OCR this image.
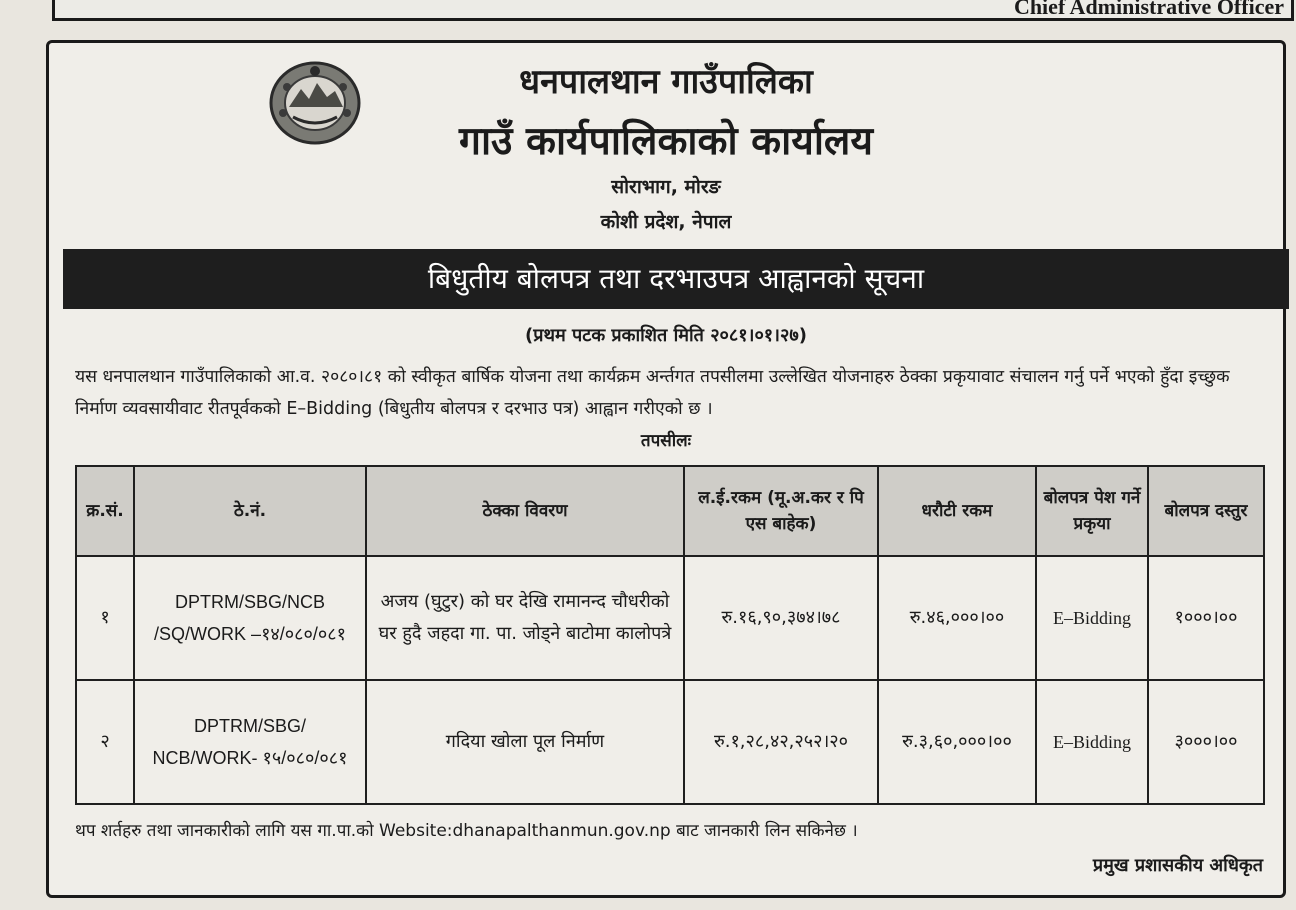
Chief Administrative Officer
धनपालथान गाउँपालिका
गाउँ कार्यपालिकाको कार्यालय
सोराभाग, मोरङ
कोशी प्रदेश, नेपाल
बिधुतीय बोलपत्र तथा दरभाउपत्र आह्वानको सूचना
(प्रथम पटक प्रकाशित मिति २०८१।०१।२७)
यस धनपालथान गाउँपालिकाको आ.व. २०८०।८१ को स्वीकृत बार्षिक योजना तथा कार्यक्रम अर्न्तगत तपसीलमा उल्लेखित योजनाहरु ठेक्का प्रकृयावाट संचालन गर्नु पर्ने भएको हुँदा इच्छुक निर्माण व्यवसायीवाट रीतपूर्वकको E–Bidding (बिधुतीय बोलपत्र र दरभाउ पत्र) आह्वान गरीएको छ ।
तपसीलः
क्र.सं.	ठे.नं.	ठेक्का विवरण	ल.ई.रकम (मू.अ.कर र पि एस बाहेक)	धरौटी रकम	बोलपत्र पेश गर्ने प्रकृया	बोलपत्र दस्तुर
१	DPTRM/SBG/NCB /SQ/WORK –१४/०८०/०८१	अजय (घुटुर) को घर देखि रामानन्द चौधरीको घर हुदै जहदा गा. पा. जोड्ने बाटोमा कालोपत्रे	रु.१६,९०,३७४।७८	रु.४६,०००।००	E–Bidding	१०००।००
२	DPTRM/SBG/ NCB/WORK- १५/०८०/०८१	गदिया खोला पूल निर्माण	रु.१,२८,४२,२५२।२०	रु.३,६०,०००।००	E–Bidding	३०००।००
थप शर्तहरु तथा जानकारीको लागि यस गा.पा.को Website:dhanapalthanmun.gov.np बाट जानकारी लिन सकिनेछ ।
प्रमुख प्रशासकीय अधिकृत
